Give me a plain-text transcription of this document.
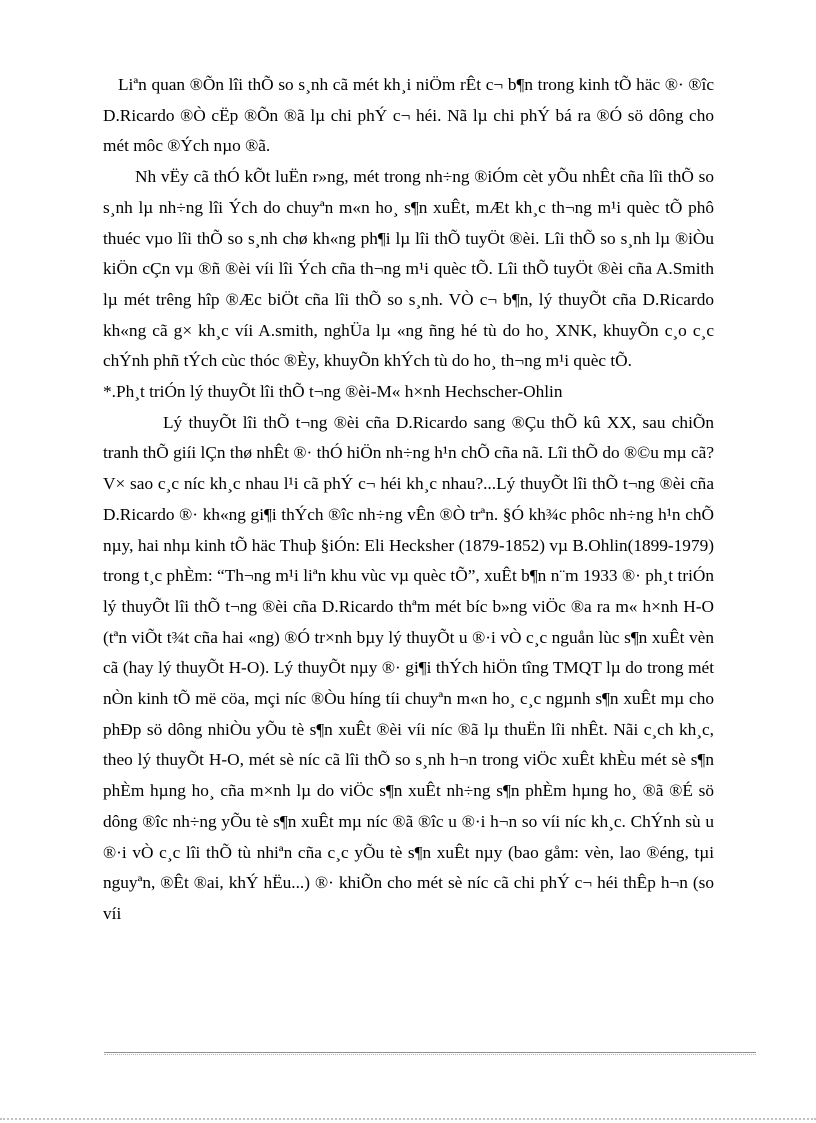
Liªn quan ®Õn lîi thÕ so s¸nh cã mét kh¸i niÖm rÊt c¬ b¶n trong kinh tÕ häc ®· ®îc D.Ricardo ®Ò cËp ®Õn ®ã lµ chi phÝ c¬ héi. Nã lµ chi phÝ bá ra ®Ó sö dông cho mét môc ®Ých nµo ®ã.

Nh vËy cã thÓ kÕt luËn r»ng, mét trong nh÷ng ®iÓm cèt yÕu nhÊt cña lîi thÕ so s¸nh lµ nh÷ng lîi Ých do chuyªn m«n ho¸ s¶n xuÊt, mÆt kh¸c th¬ng m¹i quèc tÕ phô thuéc vµo lîi thÕ so s¸nh chø kh«ng ph¶i lµ lîi thÕ tuyÖt ®èi. Lîi thÕ so s¸nh lµ ®iÒu kiÖn cÇn vµ ®ñ ®èi víi lîi Ých cña th¬ng m¹i quèc tÕ. Lîi thÕ tuyÖt ®èi cña A.Smith lµ mét trêng hîp ®Æc biÖt cña lîi thÕ so s¸nh. VÒ c¬ b¶n, lý thuyÕt cña D.Ricardo kh«ng cã g× kh¸c víi A.smith, nghÜa lµ «ng ñng hé tù do ho¸ XNK, khuyÕn c¸o c¸c chÝnh phñ tÝch cùc thóc ®Èy, khuyÕn khÝch tù do ho¸ th¬ng m¹i quèc tÕ.

*.Ph¸t triÓn lý thuyÕt lîi thÕ t¬ng ®èi-M« h×nh Hechscher-Ohlin

Lý thuyÕt lîi thÕ t¬ng ®èi cña D.Ricardo sang ®Çu thÕ kû XX, sau chiÕn tranh thÕ giíi lÇn thø nhÊt ®· thÓ hiÖn nh÷ng h¹n chÕ cña nã. Lîi thÕ do ®©u mµ cã? V× sao c¸c níc kh¸c nhau l¹i cã phÝ c¬ héi kh¸c nhau?...Lý thuyÕt lîi thÕ t¬ng ®èi cña D.Ricardo ®· kh«ng gi¶i thÝch ®îc nh÷ng vÊn ®Ò trªn. §Ó kh¾c phôc nh÷ng h¹n chÕ nµy, hai nhµ kinh tÕ häc Thuþ §iÓn: Eli Hecksher (1879-1852) vµ B.Ohlin(1899-1979) trong t¸c phÈm: “Th¬ng m¹i liªn khu vùc vµ quèc tÕ”, xuÊt b¶n n¨m 1933 ®· ph¸t triÓn lý thuyÕt lîi thÕ t¬ng ®èi cña D.Ricardo thªm mét bíc b»ng viÖc ®a ra m« h×nh H-O (tªn viÕt t¾t cña hai «ng) ®Ó tr×nh bµy lý thuyÕt u ®·i vÒ c¸c nguån lùc s¶n xuÊt vèn cã (hay lý thuyÕt H-O). Lý thuyÕt nµy ®· gi¶i thÝch hiÖn tîng TMQT lµ do trong mét nÒn kinh tÕ më cöa, mçi níc ®Òu híng tíi chuyªn m«n ho¸ c¸c ngµnh s¶n xuÊt mµ cho phÐp sö dông nhiÒu yÕu tè s¶n xuÊt ®èi víi níc ®ã lµ thuËn lîi nhÊt. Nãi c¸ch kh¸c, theo lý thuyÕt H-O, mét sè níc cã lîi thÕ so s¸nh h¬n trong viÖc xuÊt khÈu mét sè s¶n phÈm hµng ho¸ cña m×nh lµ do viÖc s¶n xuÊt nh÷ng s¶n phÈm hµng ho¸ ®ã ®É sö dông ®îc nh÷ng yÕu tè s¶n xuÊt mµ níc ®ã ®îc u ®·i h¬n so víi níc kh¸c. ChÝnh sù u ®·i vÒ c¸c lîi thÕ tù nhiªn cña c¸c yÕu tè s¶n xuÊt nµy (bao gåm: vèn, lao ®éng, tµi nguyªn, ®Êt ®ai, khÝ hËu...) ®· khiÕn cho mét sè níc cã chi phÝ c¬ héi thÊp h¬n (so víi
